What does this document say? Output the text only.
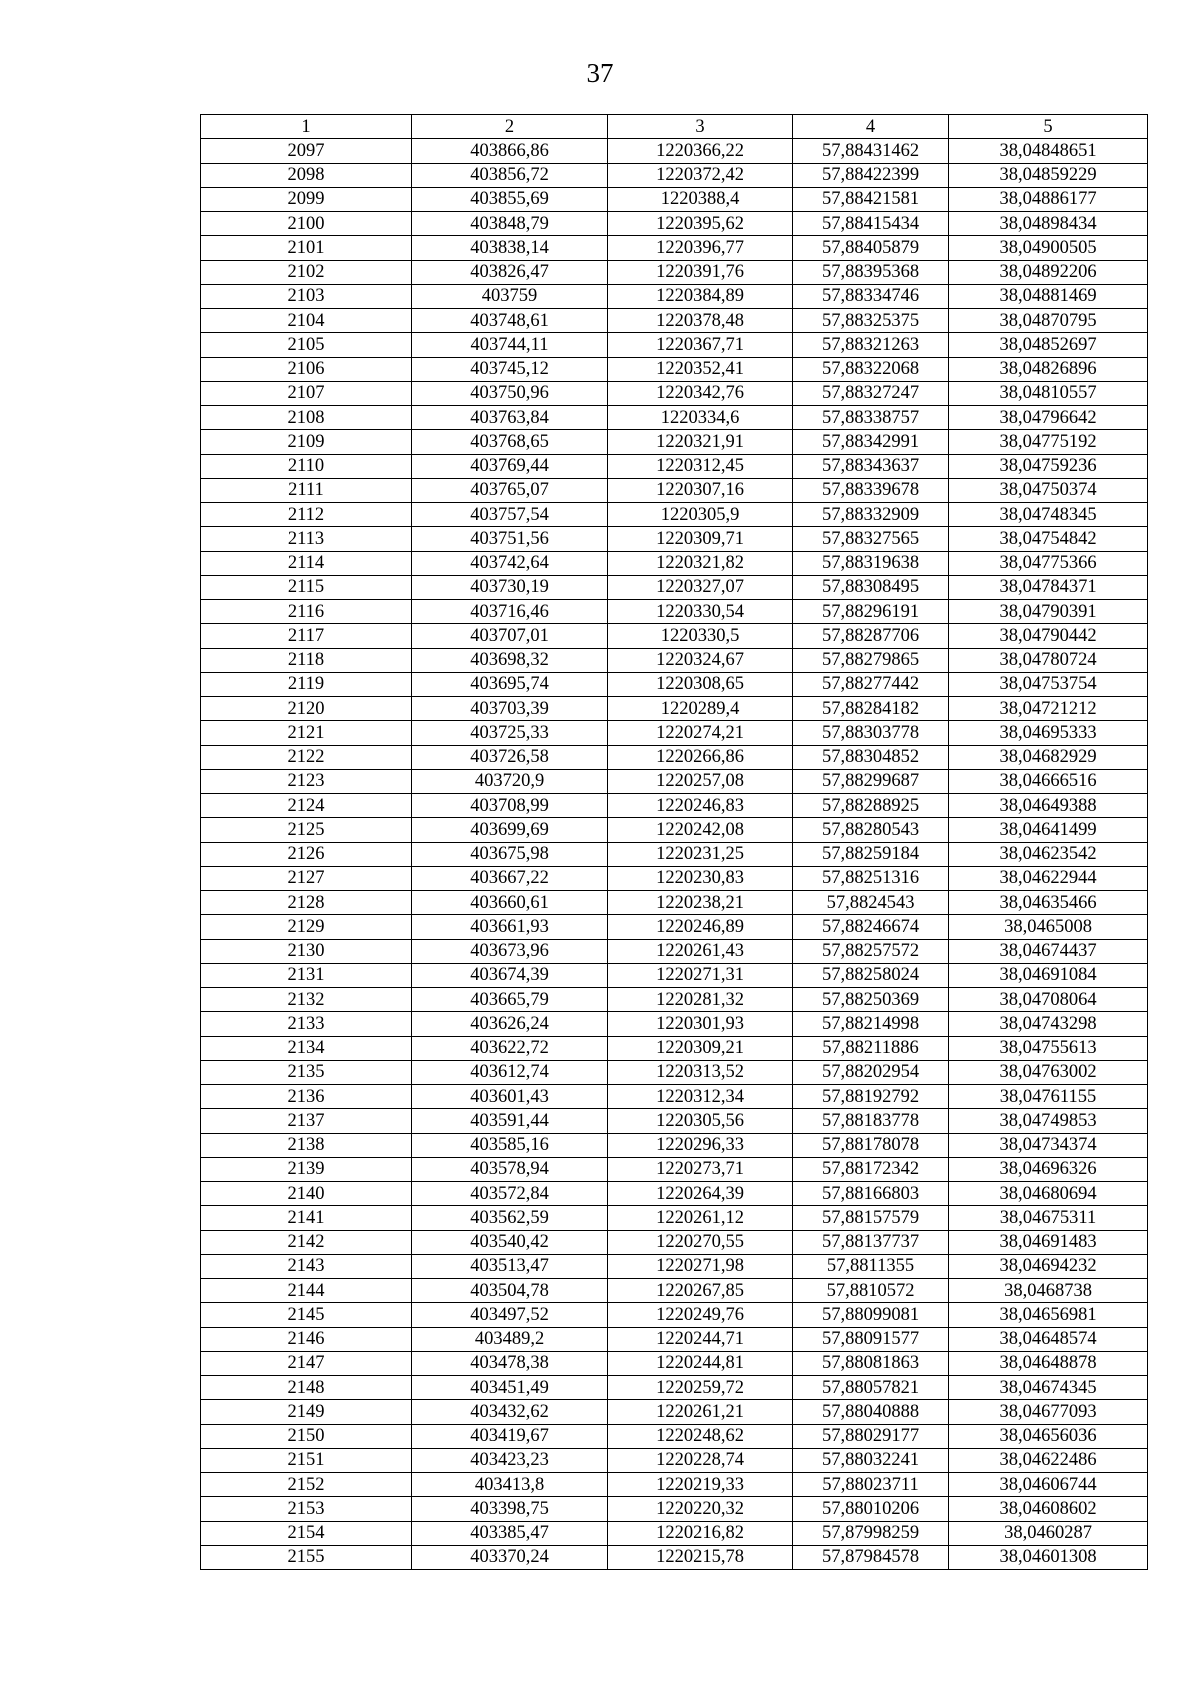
37
1	2	3	4	5
2097	403866,86	1220366,22	57,88431462	38,04848651
2098	403856,72	1220372,42	57,88422399	38,04859229
2099	403855,69	1220388,4	57,88421581	38,04886177
2100	403848,79	1220395,62	57,88415434	38,04898434
2101	403838,14	1220396,77	57,88405879	38,04900505
2102	403826,47	1220391,76	57,88395368	38,04892206
2103	403759	1220384,89	57,88334746	38,04881469
2104	403748,61	1220378,48	57,88325375	38,04870795
2105	403744,11	1220367,71	57,88321263	38,04852697
2106	403745,12	1220352,41	57,88322068	38,04826896
2107	403750,96	1220342,76	57,88327247	38,04810557
2108	403763,84	1220334,6	57,88338757	38,04796642
2109	403768,65	1220321,91	57,88342991	38,04775192
2110	403769,44	1220312,45	57,88343637	38,04759236
2111	403765,07	1220307,16	57,88339678	38,04750374
2112	403757,54	1220305,9	57,88332909	38,04748345
2113	403751,56	1220309,71	57,88327565	38,04754842
2114	403742,64	1220321,82	57,88319638	38,04775366
2115	403730,19	1220327,07	57,88308495	38,04784371
2116	403716,46	1220330,54	57,88296191	38,04790391
2117	403707,01	1220330,5	57,88287706	38,04790442
2118	403698,32	1220324,67	57,88279865	38,04780724
2119	403695,74	1220308,65	57,88277442	38,04753754
2120	403703,39	1220289,4	57,88284182	38,04721212
2121	403725,33	1220274,21	57,88303778	38,04695333
2122	403726,58	1220266,86	57,88304852	38,04682929
2123	403720,9	1220257,08	57,88299687	38,04666516
2124	403708,99	1220246,83	57,88288925	38,04649388
2125	403699,69	1220242,08	57,88280543	38,04641499
2126	403675,98	1220231,25	57,88259184	38,04623542
2127	403667,22	1220230,83	57,88251316	38,04622944
2128	403660,61	1220238,21	57,8824543	38,04635466
2129	403661,93	1220246,89	57,88246674	38,0465008
2130	403673,96	1220261,43	57,88257572	38,04674437
2131	403674,39	1220271,31	57,88258024	38,04691084
2132	403665,79	1220281,32	57,88250369	38,04708064
2133	403626,24	1220301,93	57,88214998	38,04743298
2134	403622,72	1220309,21	57,88211886	38,04755613
2135	403612,74	1220313,52	57,88202954	38,04763002
2136	403601,43	1220312,34	57,88192792	38,04761155
2137	403591,44	1220305,56	57,88183778	38,04749853
2138	403585,16	1220296,33	57,88178078	38,04734374
2139	403578,94	1220273,71	57,88172342	38,04696326
2140	403572,84	1220264,39	57,88166803	38,04680694
2141	403562,59	1220261,12	57,88157579	38,04675311
2142	403540,42	1220270,55	57,88137737	38,04691483
2143	403513,47	1220271,98	57,8811355	38,04694232
2144	403504,78	1220267,85	57,8810572	38,0468738
2145	403497,52	1220249,76	57,88099081	38,04656981
2146	403489,2	1220244,71	57,88091577	38,04648574
2147	403478,38	1220244,81	57,88081863	38,04648878
2148	403451,49	1220259,72	57,88057821	38,04674345
2149	403432,62	1220261,21	57,88040888	38,04677093
2150	403419,67	1220248,62	57,88029177	38,04656036
2151	403423,23	1220228,74	57,88032241	38,04622486
2152	403413,8	1220219,33	57,88023711	38,04606744
2153	403398,75	1220220,32	57,88010206	38,04608602
2154	403385,47	1220216,82	57,87998259	38,0460287
2155	403370,24	1220215,78	57,87984578	38,04601308
